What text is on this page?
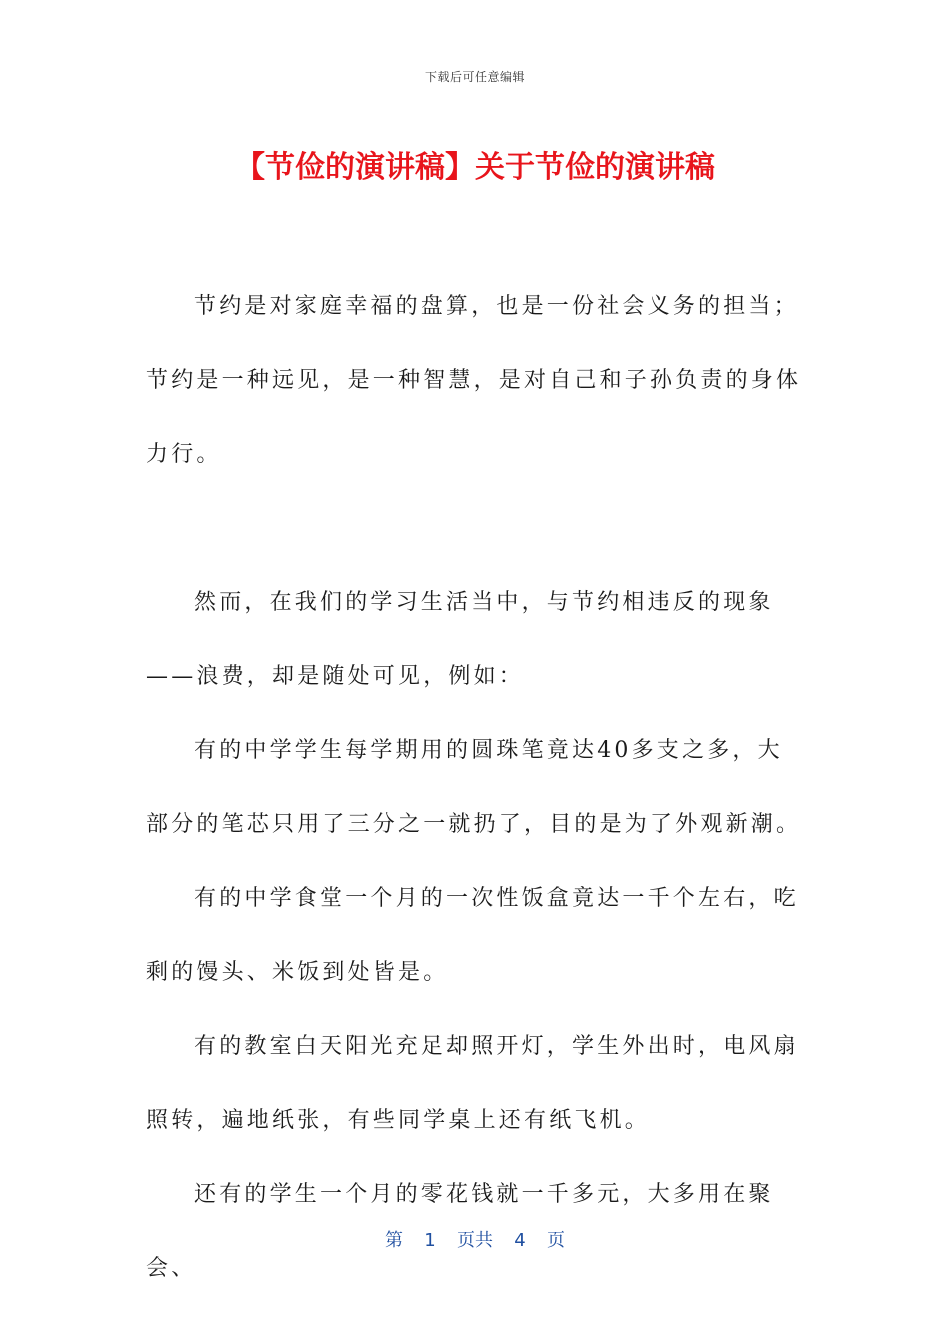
下载后可任意编辑
【节俭的演讲稿】关于节俭的演讲稿

节约是对家庭幸福的盘算，也是一份社会义务的担当；节约是一种远见，是一种智慧，是对自己和子孙负责的身体力行。

然而，在我们的学习生活当中，与节约相违反的现象——浪费，却是随处可见，例如：

有的中学学生每学期用的圆珠笔竟达40多支之多，大部分的笔芯只用了三分之一就扔了，目的是为了外观新潮。

有的中学食堂一个月的一次性饭盒竟达一千个左右，吃剩的馒头、米饭到处皆是。

有的教室白天阳光充足却照开灯，学生外出时，电风扇照转，遍地纸张，有些同学桌上还有纸飞机。

还有的学生一个月的零花钱就一千多元，大多用在聚会、

第 1 页共 4 页
